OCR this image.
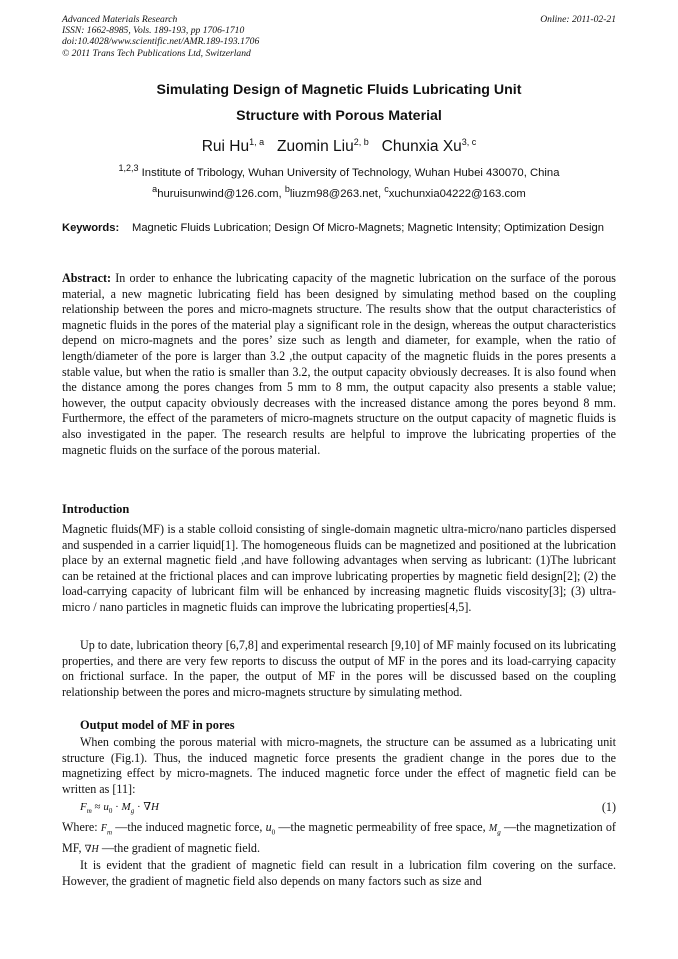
Advanced Materials Research
ISSN: 1662-8985, Vols. 189-193, pp 1706-1710
doi:10.4028/www.scientific.net/AMR.189-193.1706
© 2011 Trans Tech Publications Ltd, Switzerland
Online: 2011-02-21
Simulating Design of Magnetic Fluids Lubricating Unit
Structure with Porous Material
Rui Hu$^{1, a}$ Zuomin Liu$^{2, b}$ Chunxia Xu$^{3, c}$
$^{1,2,3}$ Institute of Tribology, Wuhan University of Technology, Wuhan Hubei 430070, China
$^a$huruisunwind@126.com, $^b$liuzm98@263.net, $^c$xuchunxia04222@163.com
Keywords: Magnetic Fluids Lubrication; Design Of Micro-Magnets; Magnetic Intensity; Optimization Design
Abstract: In order to enhance the lubricating capacity of the magnetic lubrication on the surface of the porous material, a new magnetic lubricating field has been designed by simulating method based on the coupling relationship between the pores and micro-magnets structure. The results show that the output characteristics of magnetic fluids in the pores of the material play a significant role in the design, whereas the output characteristics depend on micro-magnets and the pores’ size such as length and diameter, for example, when the ratio of length/diameter of the pore is larger than 3.2 ,the output capacity of the magnetic fluids in the pores presents a stable value, but when the ratio is smaller than 3.2, the output capacity obviously decreases. It is also found when the distance among the pores changes from 5 mm to 8 mm, the output capacity also presents a stable value; however, the output capacity obviously decreases with the increased distance among the pores beyond 8 mm. Furthermore, the effect of the parameters of micro-magnets structure on the output capacity of magnetic fluids is also investigated in the paper. The research results are helpful to improve the lubricating properties of the magnetic fluids on the surface of the porous material.
Introduction
Magnetic fluids(MF) is a stable colloid consisting of single-domain magnetic ultra-micro/nano particles dispersed and suspended in a carrier liquid[1]. The homogeneous fluids can be magnetized and positioned at the lubrication place by an external magnetic field ,and have following advantages when serving as lubricant: (1)The lubricant can be retained at the frictional places and can improve lubricating properties by magnetic field design[2]; (2) the load-carrying capacity of lubricant film will be enhanced by increasing magnetic fluids viscosity[3]; (3) ultra-micro / nano particles in magnetic fluids can improve the lubricating properties[4,5].
Up to date, lubrication theory [6,7,8] and experimental research [9,10] of MF mainly focused on its lubricating properties, and there are very few reports to discuss the output of MF in the pores and its load-carrying capacity on frictional surface. In the paper, the output of MF in the pores will be discussed based on the coupling relationship between the pores and micro-magnets structure by simulating method.
Output model of MF in pores
When combing the porous material with micro-magnets, the structure can be assumed as a lubricating unit structure (Fig.1). Thus, the induced magnetic force presents the gradient change in the pores due to the magnetizing effect by micro-magnets. The induced magnetic force under the effect of magnetic field can be written as [11]:
$F_m \approx u_0 \cdot M_g \cdot \nabla H$	(1)
Where: $F_m$ —the induced magnetic force, $u_0$ —the magnetic permeability of free space, $M_g$ —the magnetization of MF, ∇H —the gradient of magnetic field.
It is evident that the gradient of magnetic field can result in a lubrication film covering on the surface. However, the gradient of magnetic field also depends on many factors such as size and
